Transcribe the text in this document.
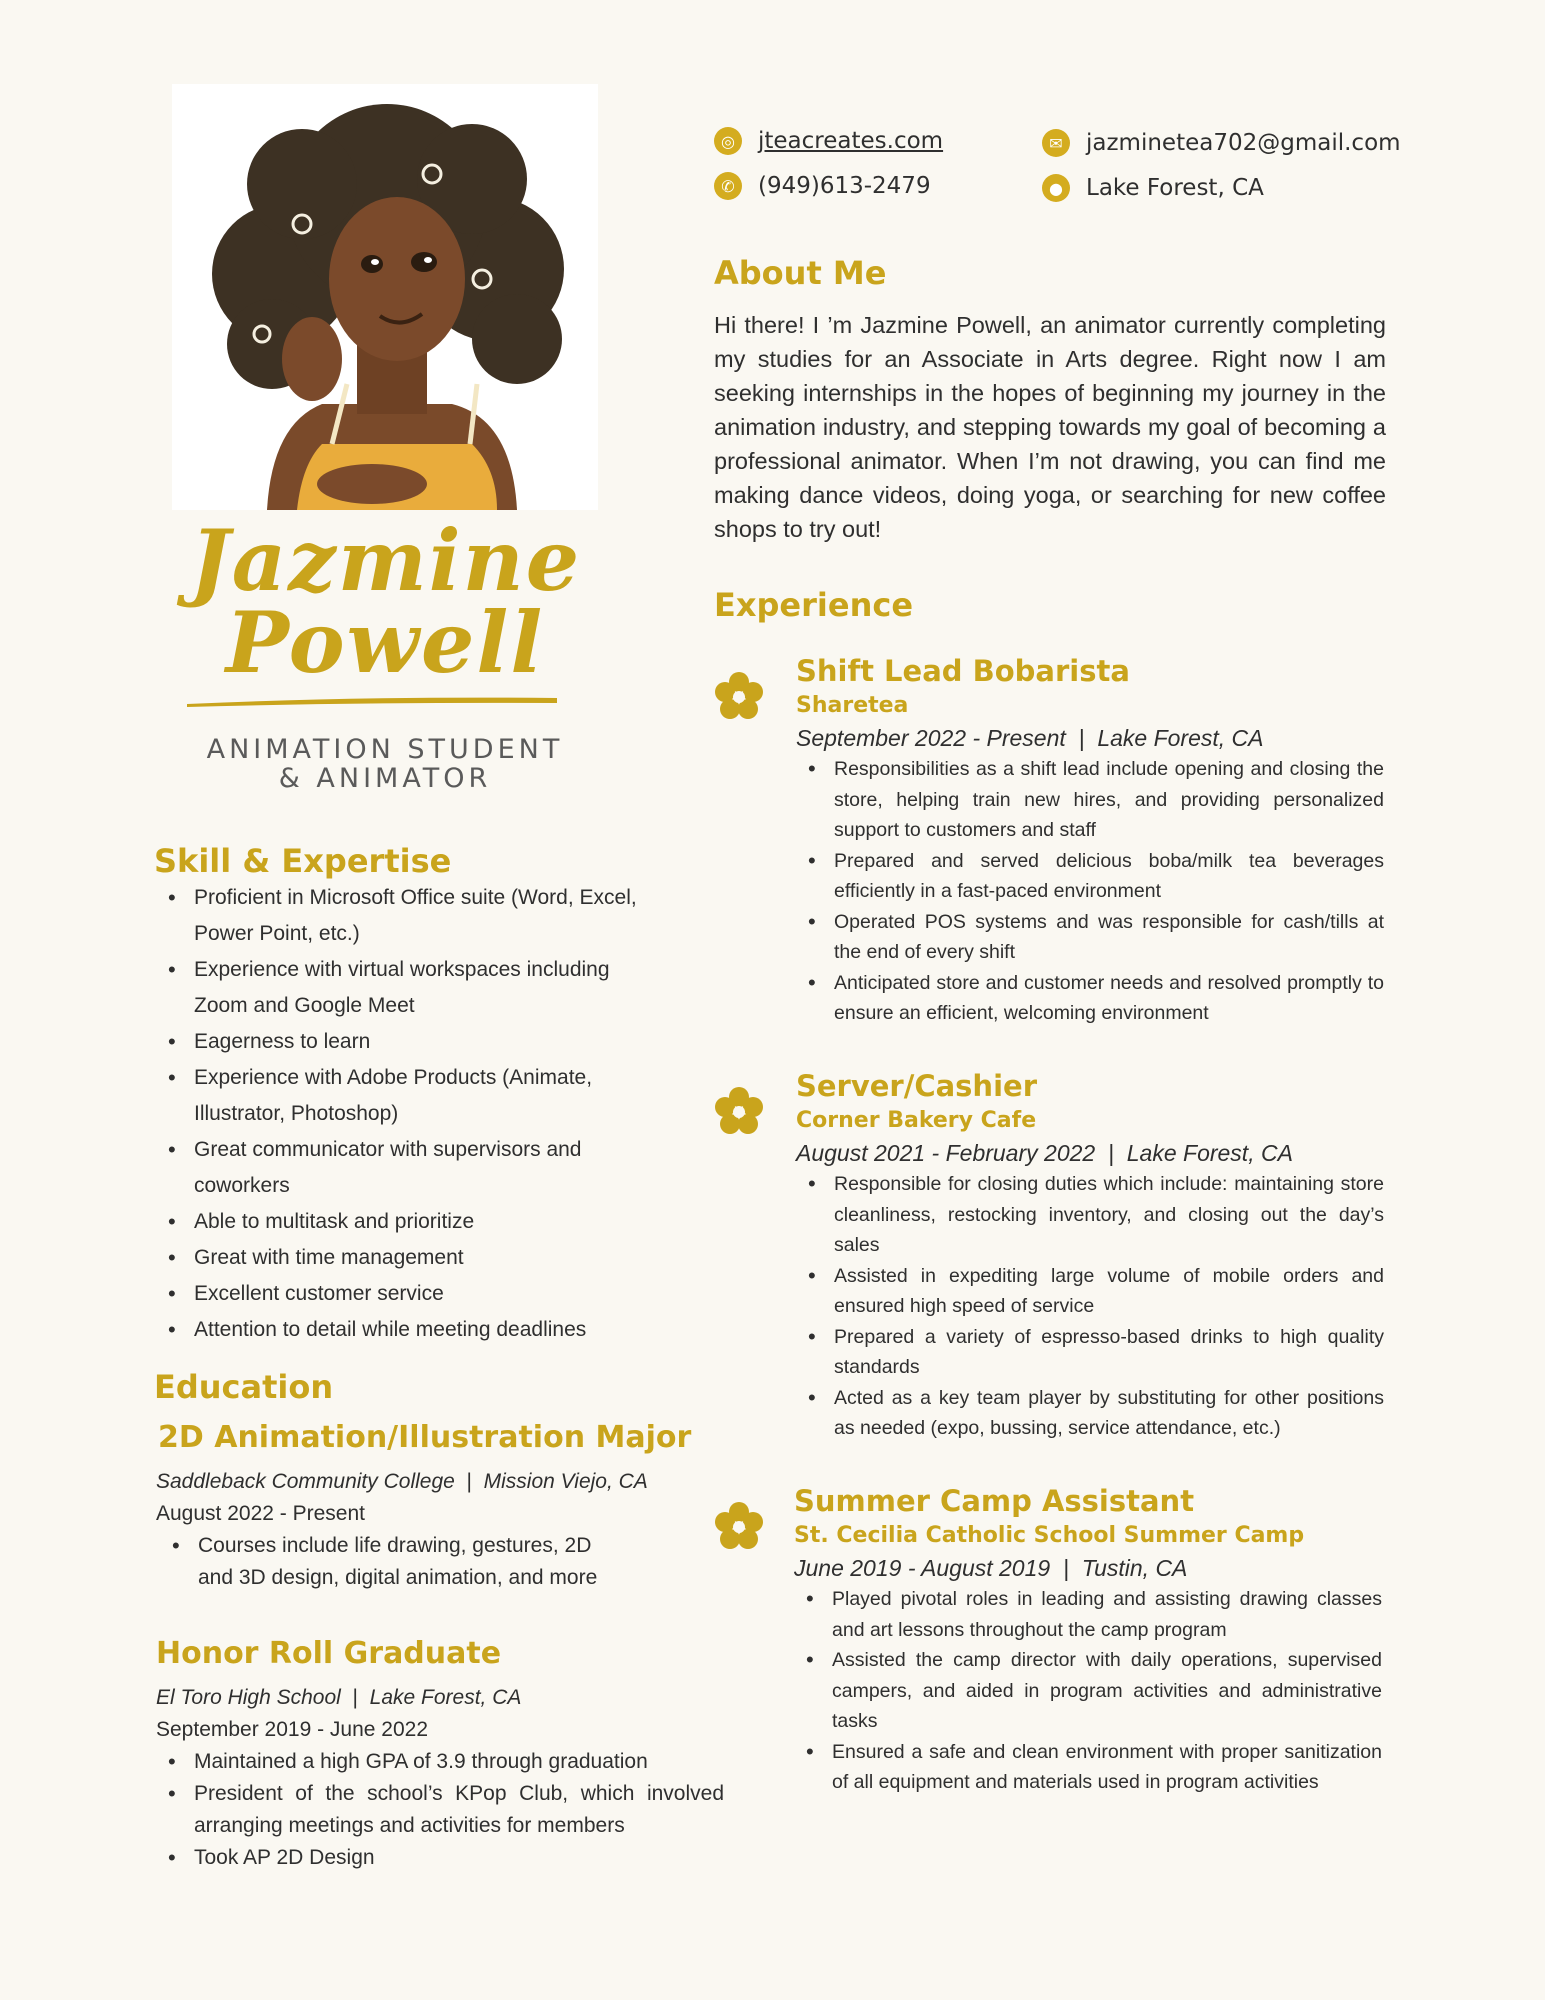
Jazmine
Powell
ANIMATION STUDENT
& ANIMATOR
Skill & Expertise
• Proficient in Microsoft Office suite (Word, Excel, Power Point, etc.)
• Experience with virtual workspaces including Zoom and Google Meet
• Eagerness to learn
• Experience with Adobe Products (Animate, Illustrator, Photoshop)
• Great communicator with supervisors and coworkers
• Able to multitask and prioritize
• Great with time management
• Excellent customer service
• Attention to detail while meeting deadlines
Education
2D Animation/Illustration Major
Saddleback Community College  |  Mission Viejo, CA
August 2022 - Present
• Courses include life drawing, gestures, 2D and 3D design, digital animation, and more
Honor Roll Graduate
El Toro High School  |  Lake Forest, CA
September 2019 - June 2022
• Maintained a high GPA of 3.9 through graduation
• President of the school’s KPop Club, which involved arranging meetings and activities for members
• Took AP 2D Design
◎	jteacreates.com	✉	jazminetea702@gmail.com
✆	(949)613-2479	●	Lake Forest, CA
About Me
Hi there! I ’m Jazmine Powell, an animator currently completing my studies for an Associate in Arts degree. Right now I am seeking internships in the hopes of beginning my journey in the animation industry, and stepping towards my goal of becoming a professional animator. When I’m not drawing, you can find me making dance videos, doing yoga, or searching for new coffee shops to try out!
Experience
Shift Lead Bobarista
Sharetea
September 2022 - Present  |  Lake Forest, CA
• Responsibilities as a shift lead include opening and closing the store, helping train new hires, and providing personalized support to customers and staff
• Prepared and served delicious boba/milk tea beverages efficiently in a fast-paced environment
• Operated POS systems and was responsible for cash/tills at the end of every shift
• Anticipated store and customer needs and resolved promptly to ensure an efficient, welcoming environment
Server/Cashier
Corner Bakery Cafe
August 2021 - February 2022  |  Lake Forest, CA
• Responsible for closing duties which include: maintaining store cleanliness, restocking inventory, and closing out the day’s sales
• Assisted in expediting large volume of mobile orders and ensured high speed of service
• Prepared a variety of espresso-based drinks to high quality standards
• Acted as a key team player by substituting for other positions as needed (expo, bussing, service attendance, etc.)
Summer Camp Assistant
St. Cecilia Catholic School Summer Camp
June 2019 - August 2019  |  Tustin, CA
• Played pivotal roles in leading and assisting drawing classes and art lessons throughout the camp program
• Assisted the camp director with daily operations, supervised campers, and aided in program activities and administrative tasks
• Ensured a safe and clean environment with proper sanitization of all equipment and materials used in program activities
